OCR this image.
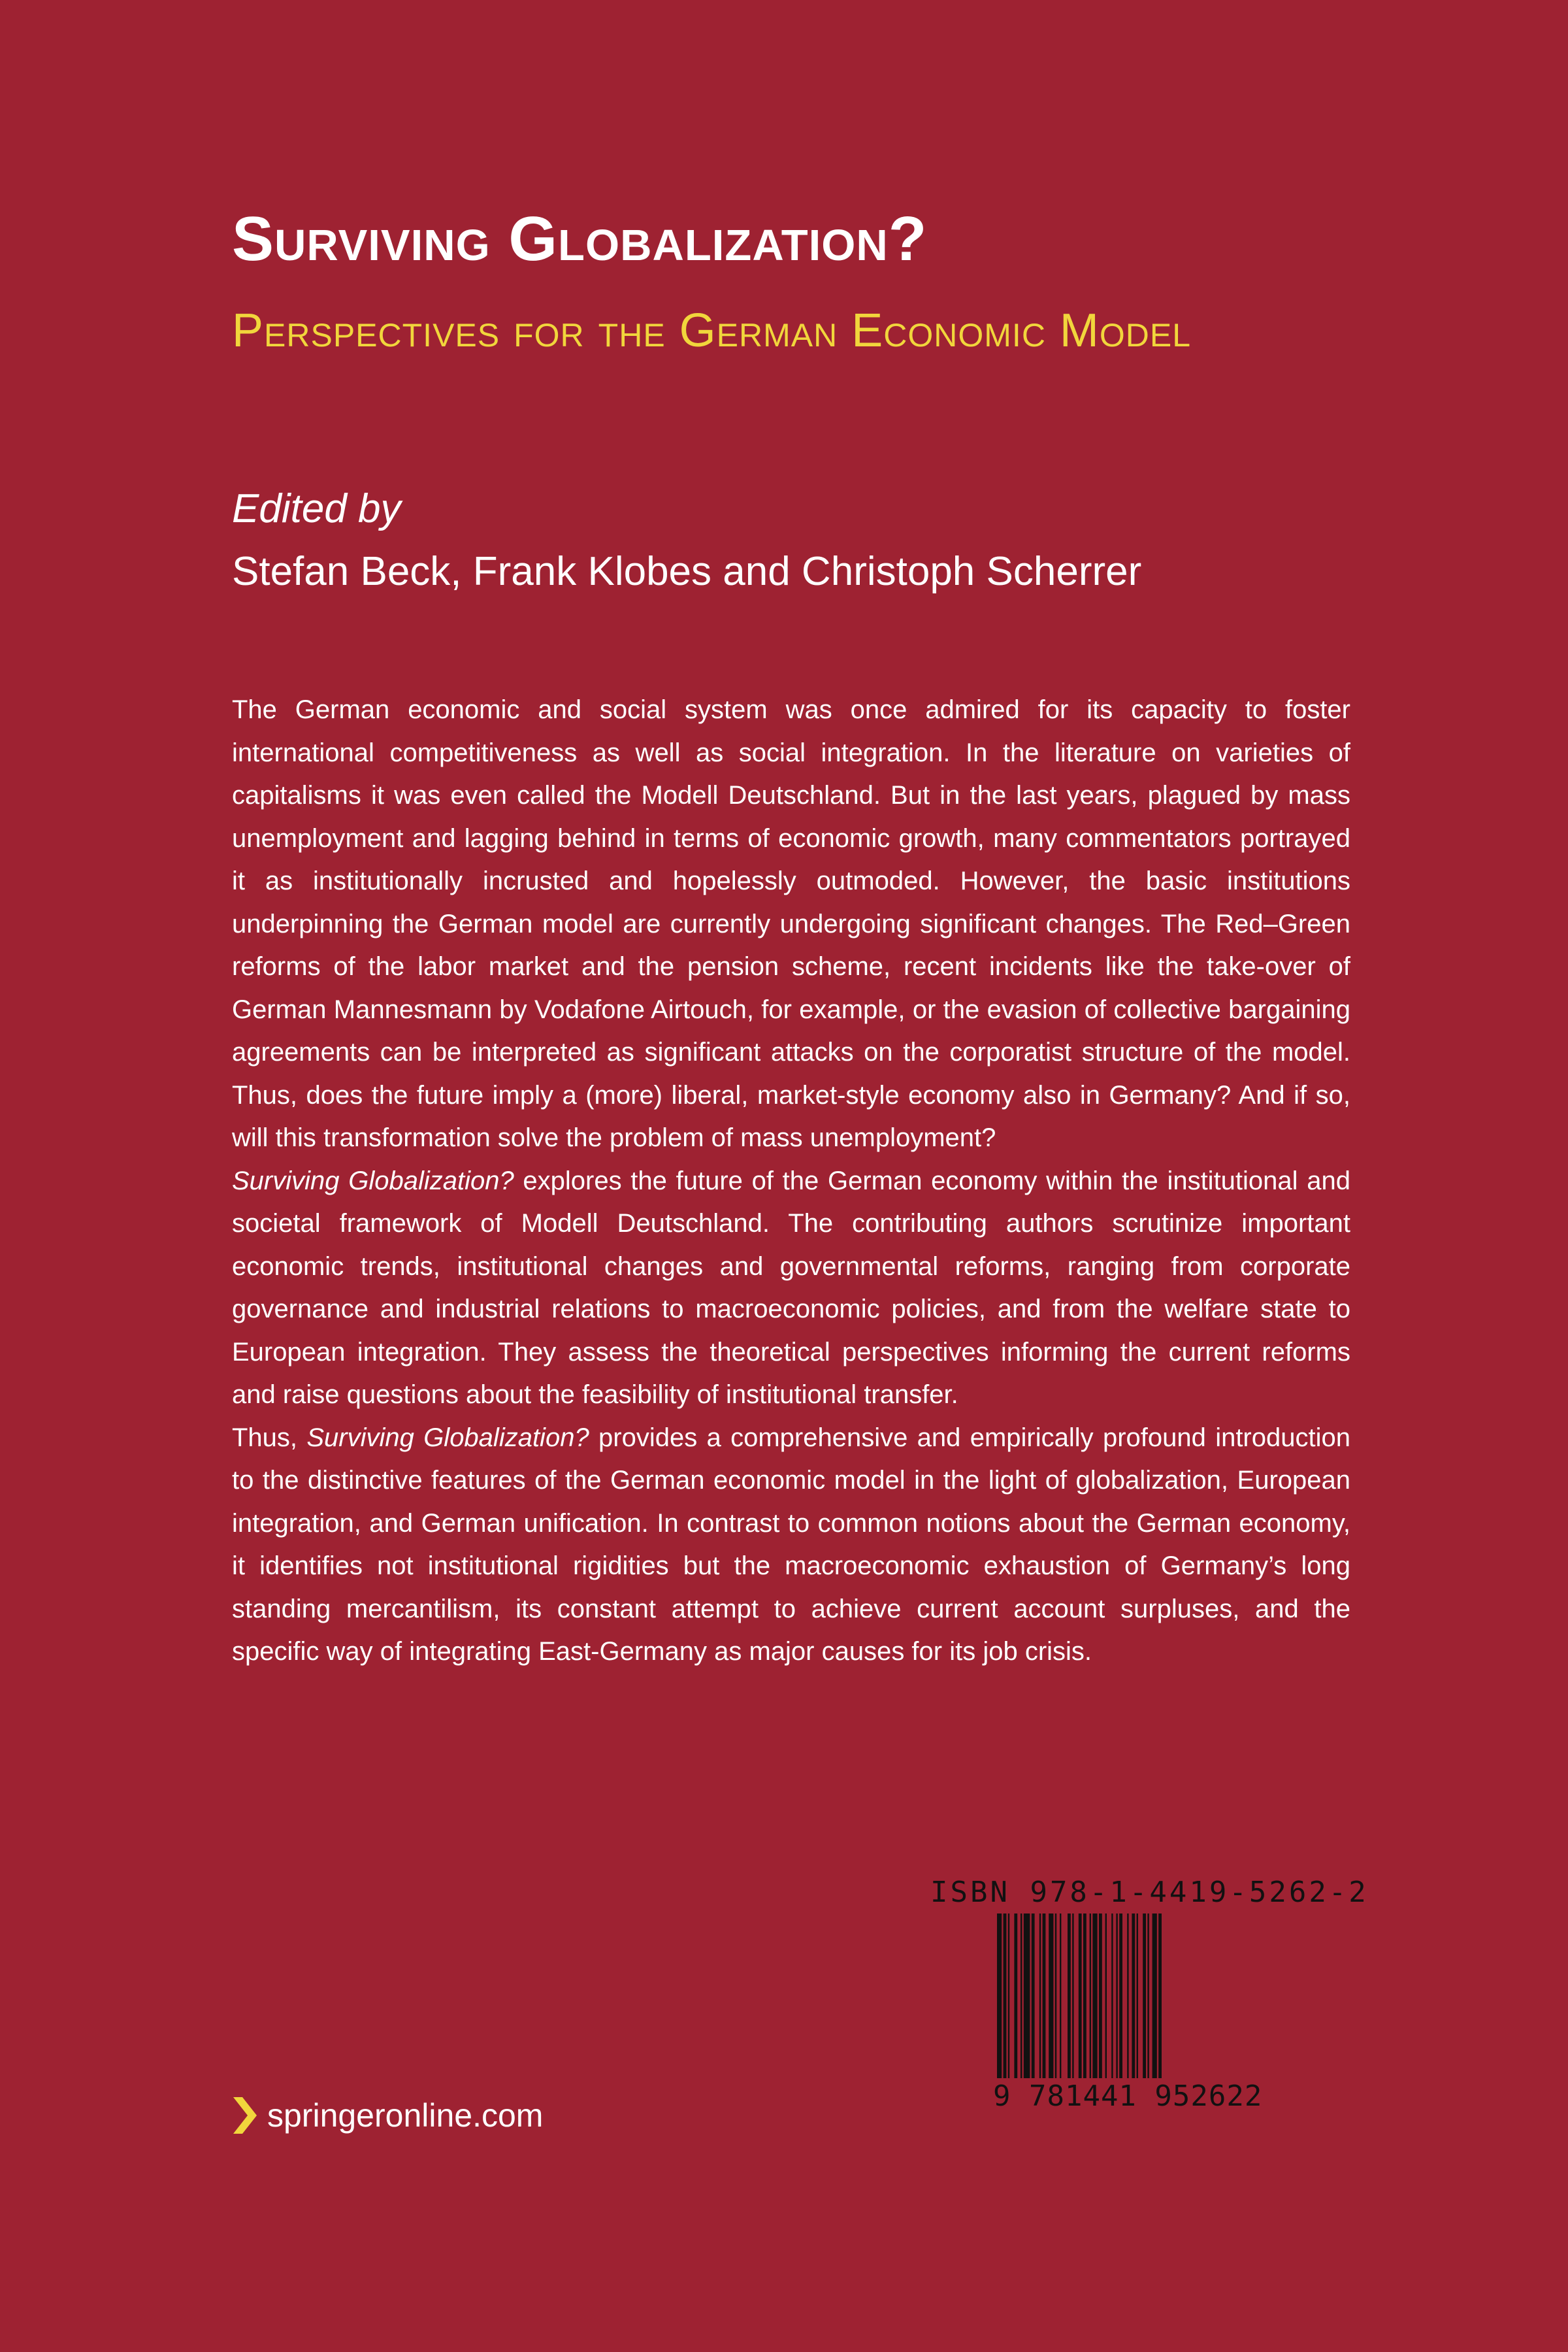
Surviving Globalization?
Perspectives for the German Economic Model
Edited by
Stefan Beck, Frank Klobes and Christoph Scherrer

The German economic and social system was once admired for its capacity to foster international competitiveness as well as social integration. In the literature on varieties of capitalisms it was even called the Modell Deutschland. But in the last years, plagued by mass unemployment and lagging behind in terms of economic growth, many commentators portrayed it as institutionally incrusted and hopelessly outmoded. However, the basic institutions underpinning the German model are currently undergoing significant changes. The Red–Green reforms of the labor market and the pension scheme, recent incidents like the take-over of German Mannesmann by Vodafone Airtouch, for example, or the evasion of collective bargaining agreements can be interpreted as significant attacks on the corporatist structure of the model. Thus, does the future imply a (more) liberal, market-style economy also in Germany? And if so, will this transformation solve the problem of mass unemployment?

Surviving Globalization? explores the future of the German economy within the institutional and societal framework of Modell Deutschland. The contributing authors scrutinize important economic trends, institutional changes and governmental reforms, ranging from corporate governance and industrial relations to macroeconomic policies, and from the welfare state to European integration. They assess the theoretical perspectives informing the current reforms and raise questions about the feasibility of institutional transfer.

Thus, Surviving Globalization? provides a comprehensive and empirically profound introduction to the distinctive features of the German economic model in the light of globalization, European integration, and German unification. In contrast to common notions about the German economy, it identifies not institutional rigidities but the macroeconomic exhaustion of Germany’s long standing mercantilism, its constant attempt to achieve current account surpluses, and the specific way of integrating East-Germany as major causes for its job crisis.

ISBN 978-1-4419-5262-2
9 781441 952622
springeronline.com
